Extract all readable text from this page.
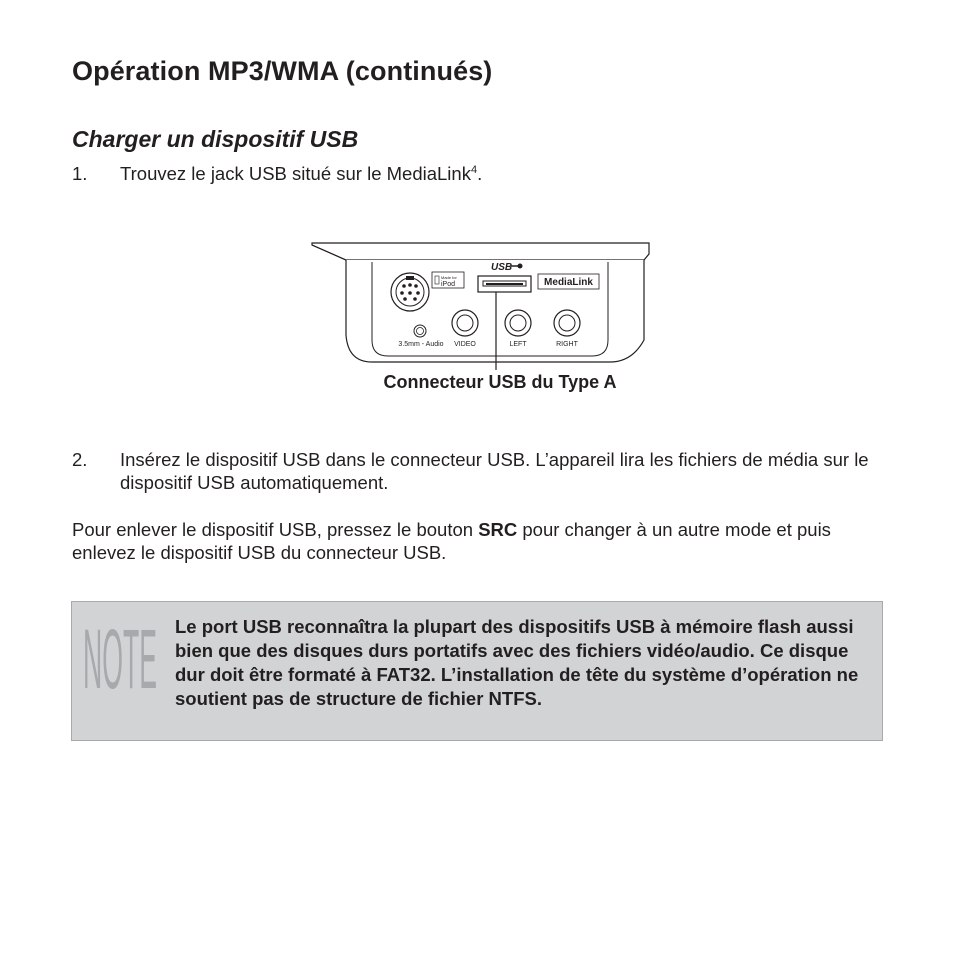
Opération MP3/WMA (continués)
Charger un dispositif USB
1. Trouvez le jack USB situé sur le MediaLink$^4$.
Made for
iPod
USB
MediaLink
3.5mm - Audio VIDEO	LEFT	RIGHT
Connecteur USB du Type A
2. Insérez le dispositif USB dans le connecteur USB. L’appareil lira les fichiers de média sur le dispositif USB automatiquement.
Pour enlever le dispositif USB, pressez le bouton SRC pour changer à un autre mode et puis enlevez le dispositif USB du connecteur USB.
NOTE Le port USB reconnaîtra la plupart des dispositifs USB à mémoire flash aussi bien que des disques durs portatifs avec des fichiers vidéo/audio. Ce disque dur doit être formaté à FAT32. L’installation de tête du système d’opération ne soutient pas de structure de fichier NTFS.
